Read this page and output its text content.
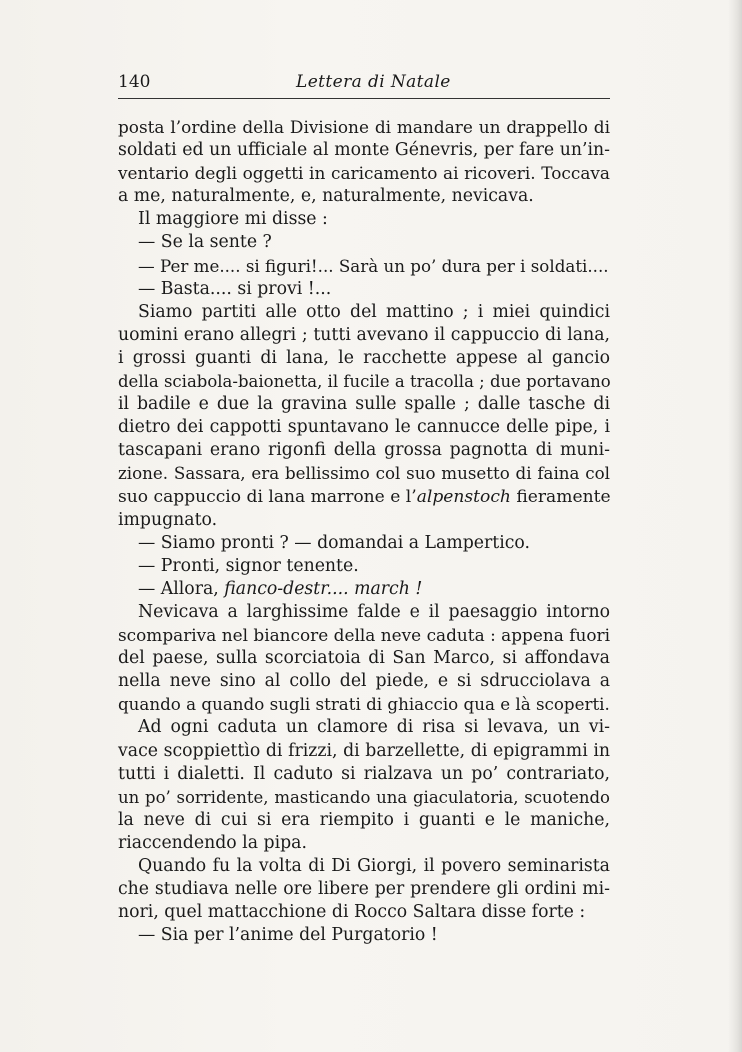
140	Lettera di Natale
posta l’ordine della Divisione di mandare un drappello di
soldati ed un ufficiale al monte Génevris, per fare un’in-
ventario degli oggetti in caricamento ai ricoveri. Toccava
a me, naturalmente, e, naturalmente, nevicava.
Il maggiore mi disse :
— Se la sente ?
— Per me.... si figuri!... Sarà un po’ dura per i soldati....
— Basta.... si provi !...
Siamo partiti alle otto del mattino ; i miei quindici
uomini erano allegri ; tutti avevano il cappuccio di lana,
i grossi guanti di lana, le racchette appese al gancio
della sciabola-baionetta, il fucile a tracolla ; due portavano
il badile e due la gravina sulle spalle ; dalle tasche di
dietro dei cappotti spuntavano le cannucce delle pipe, i
tascapani erano rigonfi della grossa pagnotta di muni-
zione. Sassara, era bellissimo col suo musetto di faina col
suo cappuccio di lana marrone e l’alpenstoch fieramente
impugnato.
— Siamo pronti ? — domandai a Lampertico.
— Pronti, signor tenente.
— Allora, fianco-destr.... march !
Nevicava a larghissime falde e il paesaggio intorno
scompariva nel biancore della neve caduta : appena fuori
del paese, sulla scorciatoia di San Marco, si affondava
nella neve sino al collo del piede, e si sdrucciolava a
quando a quando sugli strati di ghiaccio qua e là scoperti.
Ad ogni caduta un clamore di risa si levava, un vi-
vace scoppiettìo di frizzi, di barzellette, di epigrammi in
tutti i dialetti. Il caduto si rialzava un po’ contrariato,
un po’ sorridente, masticando una giaculatoria, scuotendo
la neve di cui si era riempito i guanti e le maniche,
riaccendendo la pipa.
Quando fu la volta di Di Giorgi, il povero seminarista
che studiava nelle ore libere per prendere gli ordini mi-
nori, quel mattacchione di Rocco Saltara disse forte :
— Sia per l’anime del Purgatorio !
